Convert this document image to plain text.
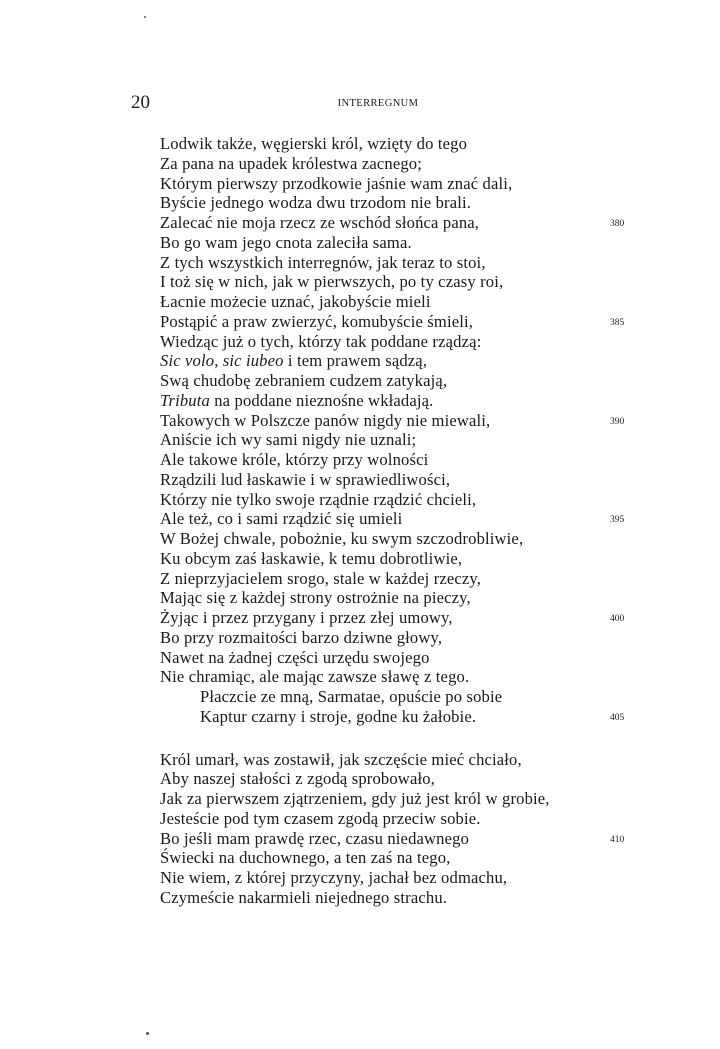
20	INTERREGNUM
Lodwik także, węgierski król, wzięty do tego
Za pana na upadek królestwa zacnego;
Którym pierwszy przodkowie jaśnie wam znać dali,
Byście jednego wodza dwu trzodom nie brali.
Zalecać nie moja rzecz ze wschód słońca pana,	380
Bo go wam jego cnota zaleciła sama.
Z tych wszystkich interregnów, jak teraz to stoi,
I toż się w nich, jak w pierwszych, po ty czasy roi,
Łacnie możecie uznać, jakobyście mieli
Postąpić a praw zwierzyć, komubyście śmieli,	385
Wiedząc już o tych, którzy tak poddane rządzą:
Sic volo, sic iubeo i tem prawem sądzą,
Swą chudobę zebraniem cudzem zatykają,
Tributa na poddane nieznośne wkładają.
Takowych w Polszcze panów nigdy nie miewali,	390
Aniście ich wy sami nigdy nie uznali;
Ale takowe króle, którzy przy wolności
Rządzili lud łaskawie i w sprawiedliwości,
Którzy nie tylko swoje rządnie rządzić chcieli,
Ale też, co i sami rządzić się umieli	395
W Bożej chwale, pobożnie, ku swym szczodrobliwie,
Ku obcym zaś łaskawie, k temu dobrotliwie,
Z nieprzyjacielem srogo, stale w każdej rzeczy,
Mając się z każdej strony ostrożnie na pieczy,
Żyjąc i przez przygany i przez złej umowy,	400
Bo przy rozmaitości barzo dziwne głowy,
Nawet na żadnej części urzędu swojego
Nie chramiąc, ale mając zawsze sławę z tego.
Płaczcie ze mną, Sarmatae, opuście po sobie
Kaptur czarny i stroje, godne ku żałobie.	405
Król umarł, was zostawił, jak szczęście mieć chciało,
Aby naszej stałości z zgodą sprobowało,
Jak za pierwszem zjątrzeniem, gdy już jest król w grobie,
Jesteście pod tym czasem zgodą przeciw sobie.
Bo jeśli mam prawdę rzec, czasu niedawnego	410
Świecki na duchownego, a ten zaś na tego,
Nie wiem, z której przyczyny, jachał bez odmachu,
Czymeście nakarmieli niejednego strachu.
